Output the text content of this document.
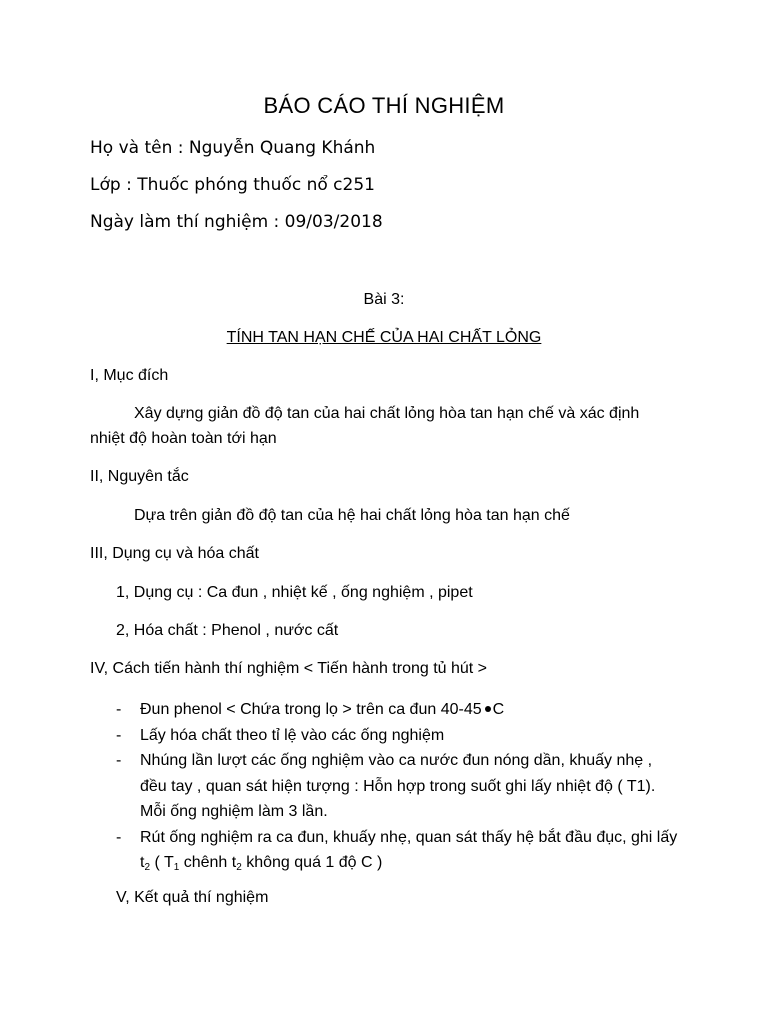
BÁO CÁO THÍ NGHIỆM
Họ và tên : Nguyễn Quang Khánh
Lớp : Thuốc phóng thuốc nổ c251
Ngày làm thí nghiệm : 09/03/2018
Bài 3:
TÍNH TAN HẠN CHẾ CỦA HAI CHẤT LỎNG
I, Mục đích
Xây dựng giản đồ độ tan của hai chất lỏng hòa tan hạn chế và xác định
nhiệt độ hoàn toàn tới hạn
II, Nguyên tắc
Dựa trên giản đồ độ tan của hệ hai chất lỏng hòa tan hạn chế
III, Dụng cụ và hóa chất
1, Dụng cụ : Ca đun , nhiệt kế , ống nghiệm , pipet
2, Hóa chất : Phenol , nước cất
IV, Cách tiến hành thí nghiệm < Tiến hành trong tủ hút >
- Đun phenol < Chứa trong lọ > trên ca đun 40-45 C
- Lấy hóa chất theo tỉ lệ vào các ống nghiệm
- Nhúng lần lượt các ống nghiệm vào ca nước đun nóng dần, khuấy nhẹ ,
đều tay , quan sát hiện tượng : Hỗn hợp trong suốt ghi lấy nhiệt độ ( T1).
Mỗi ống nghiệm làm 3 lần.
- Rút ống nghiệm ra ca đun, khuấy nhẹ, quan sát thấy hệ bắt đầu đục, ghi lấy
$t_2$ ( $T_1$ chênh $t_2$ không quá 1 độ C )
V, Kết quả thí nghiệm
